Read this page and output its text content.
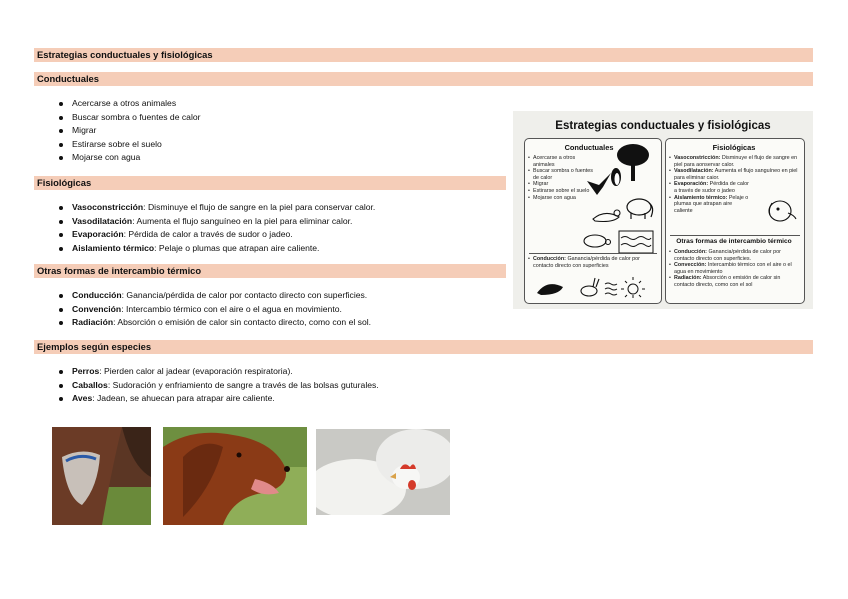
Estrategias conductuales y fisiológicas
Conductuales
Acercarse a otros animales
Buscar sombra o fuentes de calor
Migrar
Estirarse sobre el suelo
Mojarse con agua
Fisiológicas
Vasoconstricción: Disminuye el flujo de sangre en la piel para conservar calor.
Vasodilatación: Aumenta el flujo sanguíneo en la piel para eliminar calor.
Evaporación: Pérdida de calor a través de sudor o jadeo.
Aislamiento térmico: Pelaje o plumas que atrapan aire caliente.
Otras formas de intercambio térmico
Conducción: Ganancia/pérdida de calor por contacto directo con superficies.
Convención: Intercambio térmico con el aire o el agua en movimiento.
Radiación: Absorción o emisión de calor sin contacto directo, como con el sol.
Ejemplos según especies
Perros: Pierden calor al jadear (evaporación respiratoria).
Caballos: Sudoración y enfriamiento de sangre a través de las bolsas guturales.
Aves: Jadean, se ahuecan para atrapar aire caliente.
Estrategias conductuales y fisiológicas
Conductuales
• Acercarse a otros animales
• Buscar sombra o fuentes de calor
• Migrar
• Estirarse sobre el suelo
• Mojarse con agua
• Conducción: Ganancia/pérdida de calor por contacto directo con superficies
Fisiológicas
• Vasoconstricción: Disminuye el flujo de sangre en piel para aonservar calor.
• Vasodilatación: Aumenta el flujo sanguíneo en piel para eliminar caior.
• Evaporación: Pérdida de calor a través de sudor o jadeo
• Aislamiento térmico: Pelaje o plumas que atrapan aire caliente
Otras formas de intercambio térmico
• Conducción: Ganancia/pérdida de calor por contacto directo con superficies.
• Convección: Intercambio térmico con el aire o el agua en movimiento
• Radiación: Absorción o emisión de calor sin contacto directo, como con el sol
